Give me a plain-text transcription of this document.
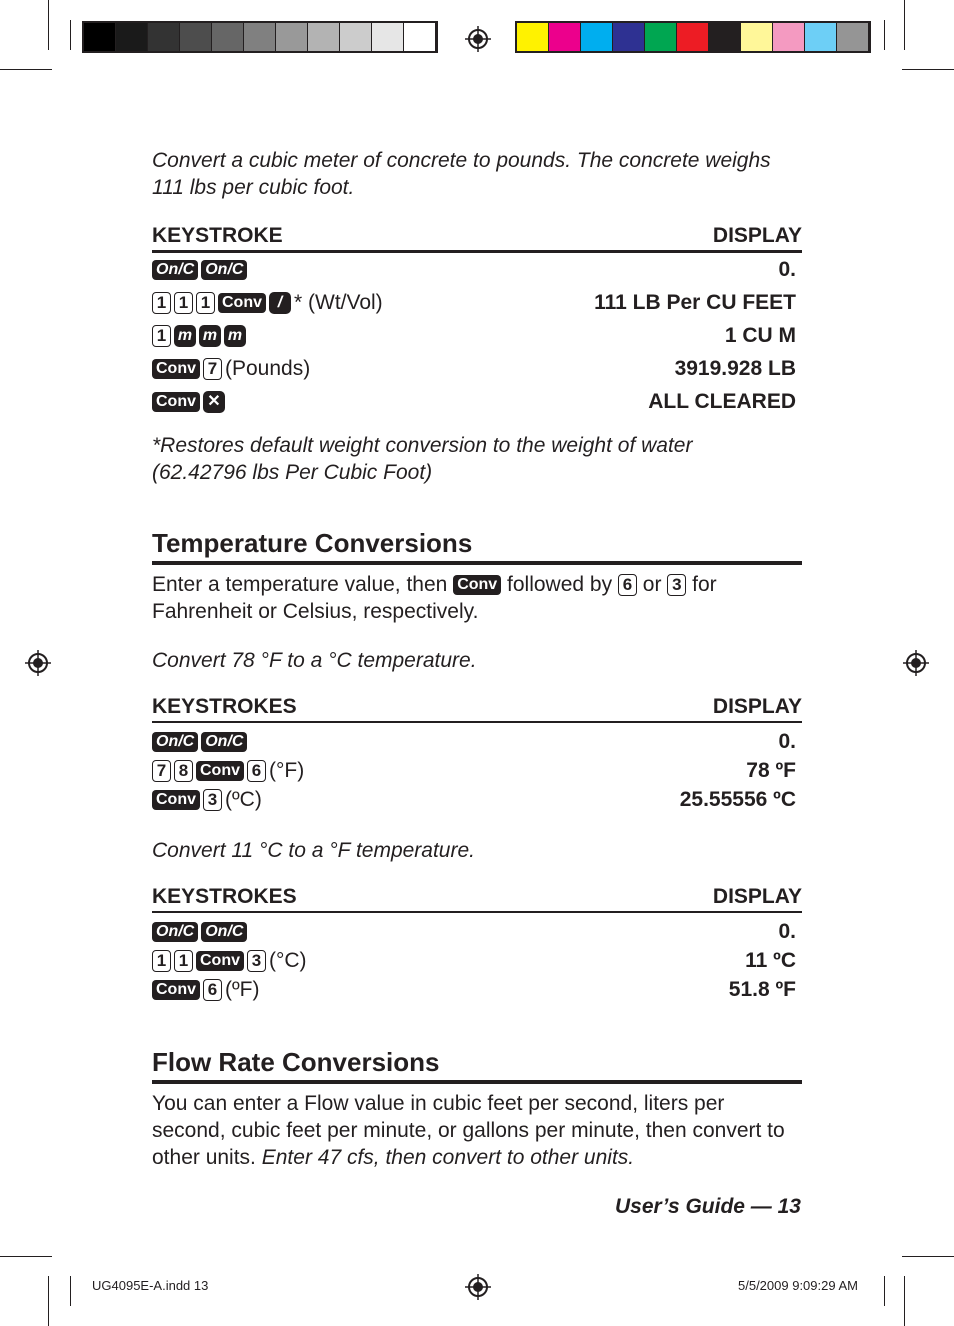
Convert a cubic meter of concrete to pounds. The concrete weighs 111 lbs per cubic foot.
KEYSTROKE	DISPLAY
On/C On/C	0.
1 1 1 Conv / * (Wt/Vol)	111 LB Per CU FEET
1 m m m	1 CU M
Conv 7 (Pounds)	3919.928 LB
Conv ✕	ALL CLEARED
*Restores default weight conversion to the weight of water (62.42796 lbs Per Cubic Foot)
Temperature Conversions
Enter a temperature value, then Conv followed by 6 or 3 for Fahrenheit or Celsius, respectively.
Convert 78 °F to a °C temperature.
KEYSTROKES	DISPLAY
On/C On/C	0.
7 8 Conv 6 (°F)	78 ºF
Conv 3 (ºC)	25.55556 ºC
Convert 11 °C to a °F temperature.
KEYSTROKES	DISPLAY
On/C On/C	0.
1 1 Conv 3 (°C)	11 ºC
Conv 6 (ºF)	51.8 ºF
Flow Rate Conversions
You can enter a Flow value in cubic feet per second, liters per second, cubic feet per minute, or gallons per minute, then convert to other units. Enter 47 cfs, then convert to other units.
User’s Guide — 13
UG4095E-A.indd 13	5/5/2009 9:09:29 AM
